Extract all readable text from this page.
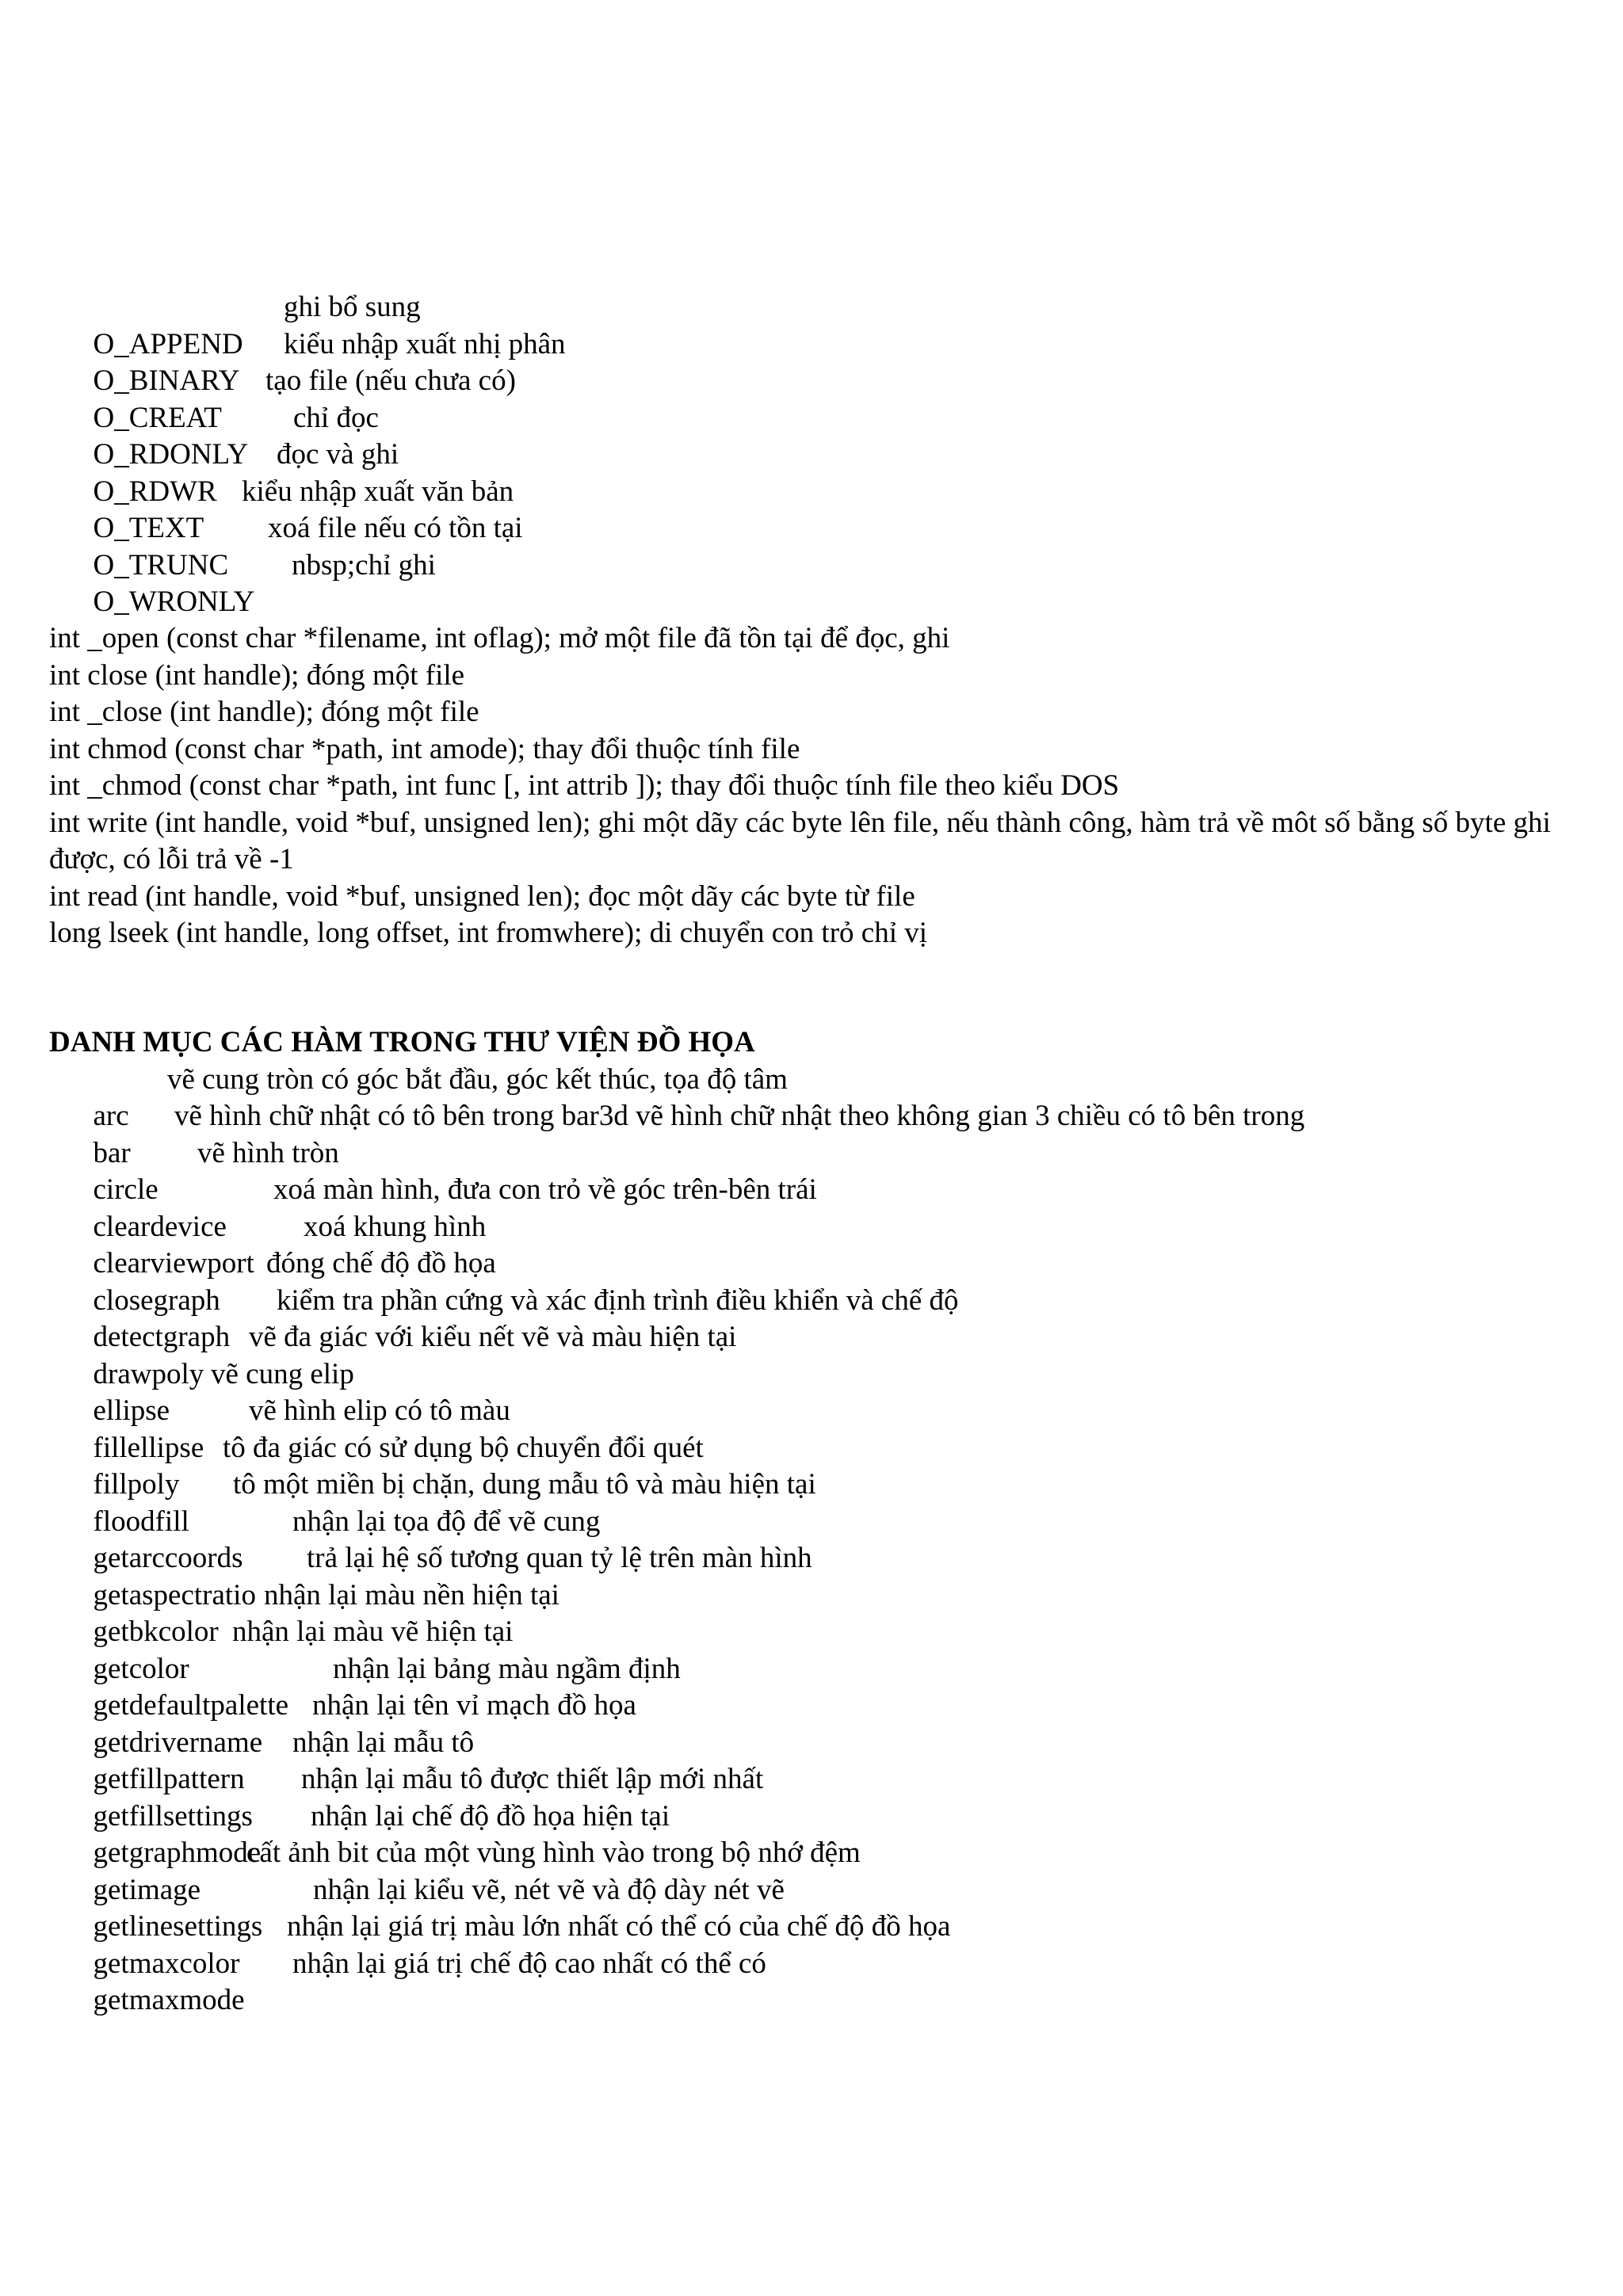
O_APPEND

ghi bổ sung

O_BINARY

kiểu nhập xuất nhị phân

O_CREAT

tạo file (nếu chưa có)

O_RDONLY

chỉ đọc

O_RDWR

đọc và ghi

O_TEXT

kiểu nhập xuất văn bản

O_TRUNC

xoá file nếu có tồn tại

O_WRONLY

nbsp;chỉ ghi

int _open (const char *filename, int oflag); mở một file đã tồn tại để đọc, ghi
int close (int handle); đóng một file
int _close (int handle); đóng một file
int chmod (const char *path, int amode); thay đổi thuộc tính file
int _chmod (const char *path, int func [, int attrib ]); thay đổi thuộc tính file theo kiểu DOS
int write (int handle, void *buf, unsigned len); ghi một dãy các byte lên file, nếu thành công, hàm trả về môt số bằng số byte ghi được, có lỗi trả về -1
int read (int handle, void *buf, unsigned len); đọc một dãy các byte từ file
long lseek (int handle, long offset, int fromwhere); di chuyển con trỏ chỉ vị
DANH MỤC CÁC HÀM TRONG THƯ VIỆN ĐỒ HỌA

arc

vẽ cung tròn có góc bắt đầu, góc kết thúc, tọa độ tâm

bar

vẽ hình chữ nhật có tô bên trong bar3d vẽ hình chữ nhật theo không gian 3 chiều có tô bên trong

circle

vẽ hình tròn

cleardevice

xoá màn hình, đưa con trỏ về góc trên-bên trái

clearviewport

xoá khung hình

closegraph

đóng chế độ đồ họa

detectgraph

kiểm tra phần cứng và xác định trình điều khiển và chế độ

drawpoly

vẽ đa giác với kiểu nết vẽ và màu hiện tại

ellipse

vẽ cung elip

fillellipse

vẽ hình elip có tô màu

fillpoly

tô đa giác có sử dụng bộ chuyển đổi quét

floodfill

tô một miền bị chặn, dung mẫu tô và màu hiện tại

getarccoords

nhận lại tọa độ để vẽ cung

getaspectratio

trả lại hệ số tương quan tỷ lệ trên màn hình

getbkcolor

nhận lại màu nền hiện tại

getcolor

nhận lại màu vẽ hiện tại

getdefaultpalette

nhận lại bảng màu ngầm định

getdrivername

nhận lại tên vỉ mạch đồ họa

getfillpattern

nhận lại mẫu tô

getfillsettings

nhận lại mẫu tô được thiết lập mới nhất

getgraphmode

nhận lại chế độ đồ họa hiện tại

getimage

cất ảnh bit của một vùng hình vào trong bộ nhớ đệm

getlinesettings

nhận lại kiểu vẽ, nét vẽ và độ dày nét vẽ

getmaxcolor

nhận lại giá trị màu lớn nhất có thể có của chế độ đồ họa

getmaxmode

nhận lại giá trị chế độ cao nhất có thể có
